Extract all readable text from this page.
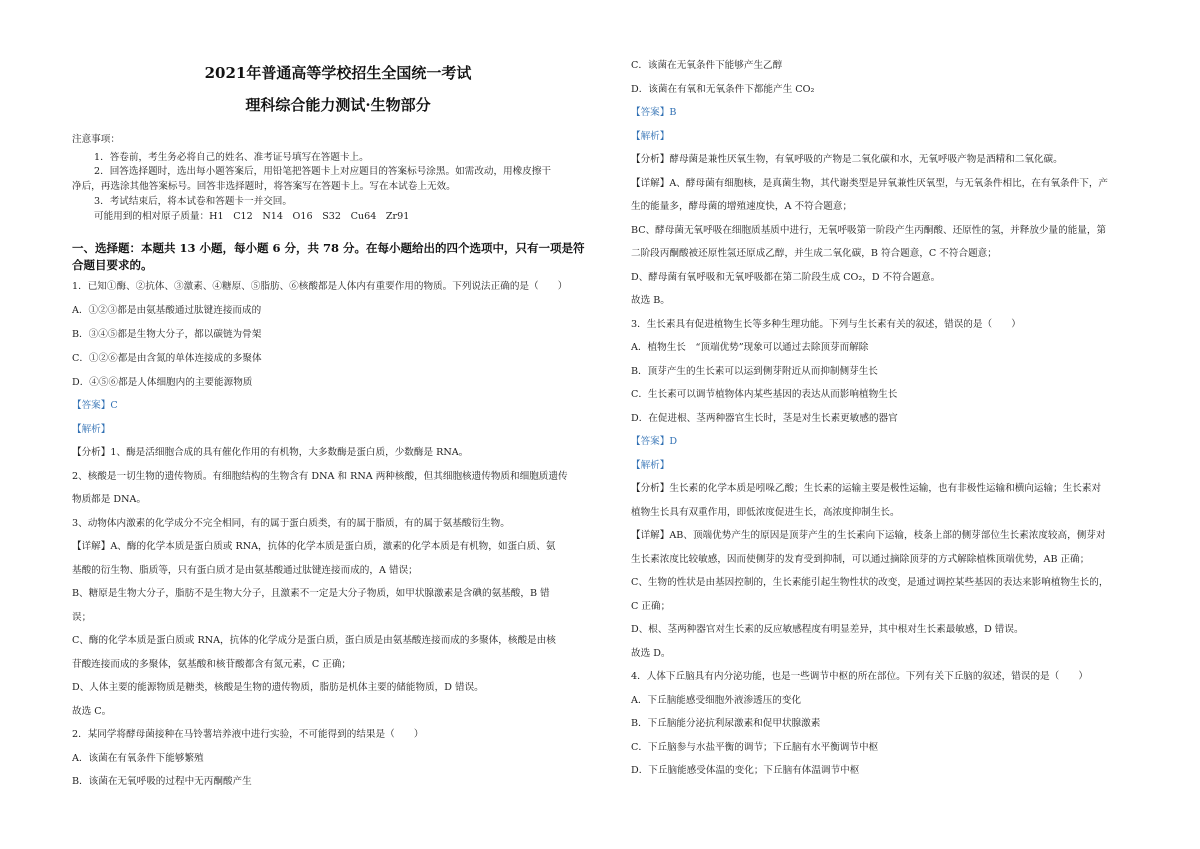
2021年普通高等学校招生全国统一考试
理科综合能力测试·生物部分
注意事项：
1．答卷前，考生务必将自己的姓名、准考证号填写在答题卡上。
2．回答选择题时，选出每小题答案后，用铅笔把答题卡上对应题目的答案标号涂黑。如需改动，用橡皮擦干
净后，再选涂其他答案标号。回答非选择题时，将答案写在答题卡上。写在本试卷上无效。
3．考试结束后，将本试卷和答题卡一并交回。
可能用到的相对原子质量：H1　C12　N14　O16　S32　Cu64　Zr91
一、选择题：本题共 13 小题，每小题 6 分，共 78 分。在每小题给出的四个选项中，只有一项是符
合题目要求的。
1．已知①酶、②抗体、③激素、④糖原、⑤脂肪、⑥核酸都是人体内有重要作用的物质。下列说法正确的是（　　）
A．①②③都是由氨基酸通过肽键连接而成的
B．③④⑤都是生物大分子，都以碳链为骨架
C．①②⑥都是由含氮的单体连接成的多聚体
D．④⑤⑥都是人体细胞内的主要能源物质
【答案】C
【解析】
【分析】1、酶是活细胞合成的具有催化作用的有机物，大多数酶是蛋白质，少数酶是 RNA。
2、核酸是一切生物的遗传物质。有细胞结构的生物含有 DNA 和 RNA 两种核酸，但其细胞核遗传物质和细胞质遗传
物质都是 DNA。
3、动物体内激素的化学成分不完全相同，有的属于蛋白质类，有的属于脂质，有的属于氨基酸衍生物。
【详解】A、酶的化学本质是蛋白质或 RNA，抗体的化学本质是蛋白质，激素的化学本质是有机物，如蛋白质、氨
基酸的衍生物、脂质等，只有蛋白质才是由氨基酸通过肽键连接而成的，A 错误；
B、糖原是生物大分子，脂肪不是生物大分子，且激素不一定是大分子物质，如甲状腺激素是含碘的氨基酸，B 错
误；
C、酶的化学本质是蛋白质或 RNA，抗体的化学成分是蛋白质，蛋白质是由氨基酸连接而成的多聚体，核酸是由核
苷酸连接而成的多聚体，氨基酸和核苷酸都含有氮元素，C 正确；
D、人体主要的能源物质是糖类，核酸是生物的遗传物质，脂肪是机体主要的储能物质，D 错误。
故选 C。
2．某同学将酵母菌接种在马铃薯培养液中进行实验，不可能得到的结果是（　　）
A．该菌在有氧条件下能够繁殖
B．该菌在无氧呼吸的过程中无丙酮酸产生
C．该菌在无氧条件下能够产生乙醇
D．该菌在有氧和无氧条件下都能产生 CO₂
【答案】B
【解析】
【分析】酵母菌是兼性厌氧生物，有氧呼吸的产物是二氧化碳和水，无氧呼吸产物是酒精和二氧化碳。
【详解】A、酵母菌有细胞核，是真菌生物，其代谢类型是异氧兼性厌氧型，与无氧条件相比，在有氧条件下，产
生的能量多，酵母菌的增殖速度快，A 不符合题意；
BC、酵母菌无氧呼吸在细胞质基质中进行，无氧呼吸第一阶段产生丙酮酸、还原性的氢，并释放少量的能量，第
二阶段丙酮酸被还原性氢还原成乙醇，并生成二氧化碳，B 符合题意，C 不符合题意；
D、酵母菌有氧呼吸和无氧呼吸都在第二阶段生成 CO₂，D 不符合题意。
故选 B。
3．生长素具有促进植物生长等多种生理功能。下列与生长素有关的叙述，错误的是（　　）
A．植物生长　“顶端优势”现象可以通过去除顶芽而解除
B．顶芽产生的生长素可以运到侧芽附近从而抑制侧芽生长
C．生长素可以调节植物体内某些基因的表达从而影响植物生长
D．在促进根、茎两种器官生长时，茎是对生长素更敏感的器官
【答案】D
【解析】
【分析】生长素的化学本质是吲哚乙酸；生长素的运输主要是极性运输，也有非极性运输和横向运输；生长素对
植物生长具有双重作用，即低浓度促进生长，高浓度抑制生长。
【详解】AB、顶端优势产生的原因是顶芽产生的生长素向下运输，枝条上部的侧芽部位生长素浓度较高，侧芽对
生长素浓度比较敏感，因而使侧芽的发育受到抑制，可以通过摘除顶芽的方式解除植株顶端优势，AB 正确；
C、生物的性状是由基因控制的，生长素能引起生物性状的改变，是通过调控某些基因的表达来影响植物生长的，
C 正确；
D、根、茎两种器官对生长素的反应敏感程度有明显差异，其中根对生长素最敏感，D 错误。
故选 D。
4．人体下丘脑具有内分泌功能，也是一些调节中枢的所在部位。下列有关下丘脑的叙述，错误的是（　　）
A．下丘脑能感受细胞外液渗透压的变化
B．下丘脑能分泌抗利尿激素和促甲状腺激素
C．下丘脑参与水盐平衡的调节；下丘脑有水平衡调节中枢
D．下丘脑能感受体温的变化；下丘脑有体温调节中枢
